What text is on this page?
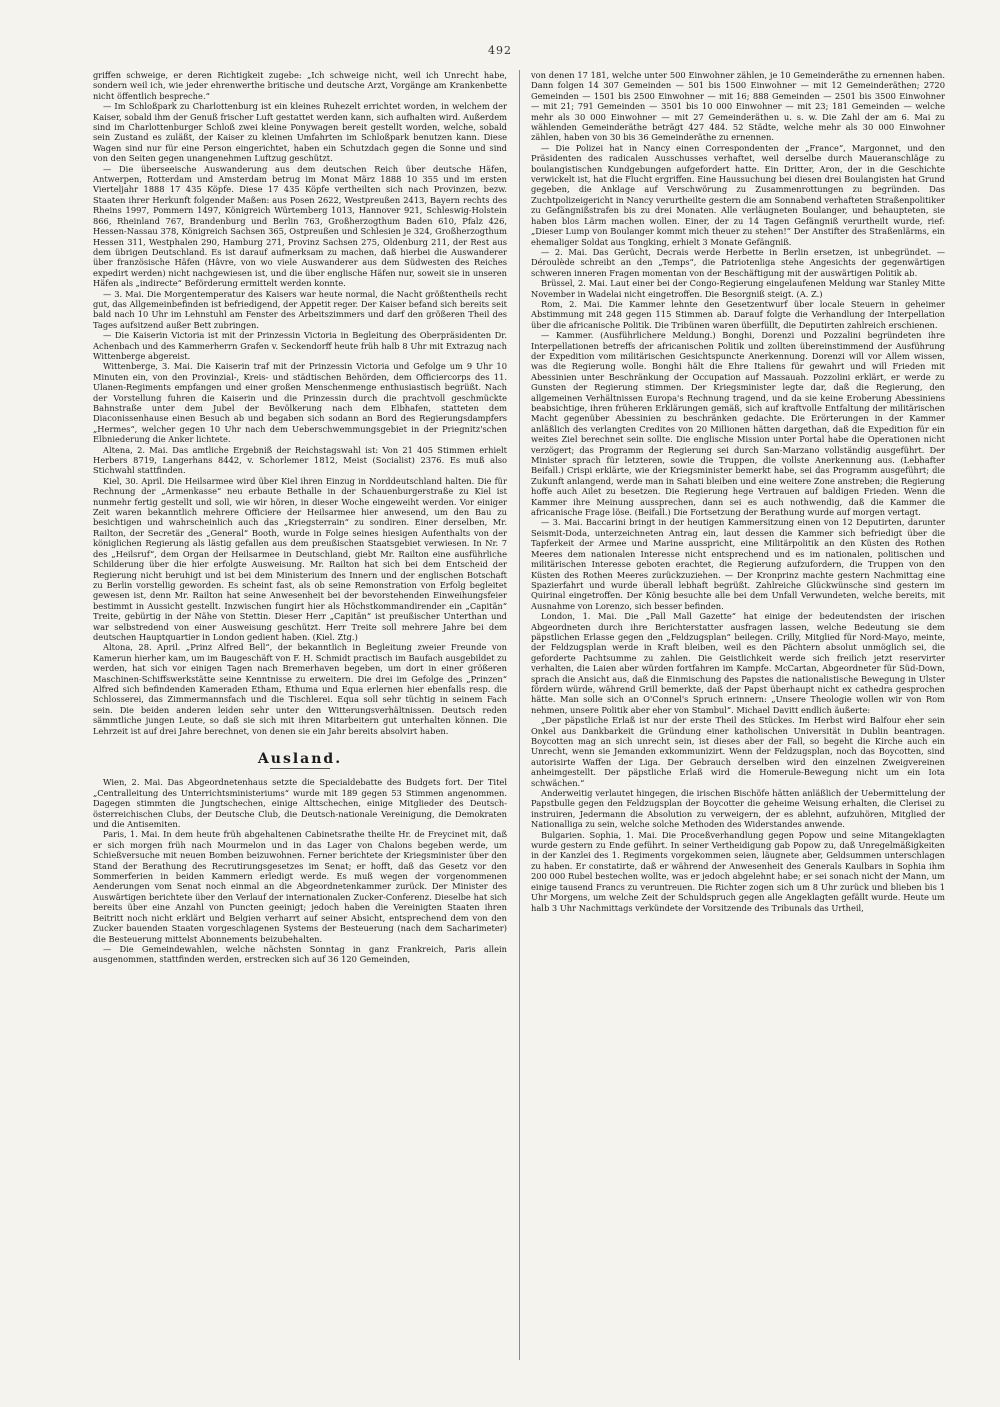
492

griffen schweige, er deren Richtigkeit zugebe: „Ich schweige nicht, weil ich Unrecht habe, sondern weil ich, wie jeder ehrenwerthe britische und deutsche Arzt, Vorgänge am Krankenbette nicht öffentlich bespreche.“

— Im Schloßpark zu Charlottenburg ist ein kleines Ruhezelt errichtet worden, in welchem der Kaiser, sobald ihm der Genuß frischer Luft gestattet werden kann, sich aufhalten wird. Außerdem sind im Charlottenburger Schloß zwei kleine Ponywagen bereit gestellt worden, welche, sobald sein Zustand es zuläßt, der Kaiser zu kleinen Umfahrten im Schloßpark benutzen kann. Diese Wagen sind nur für eine Person eingerichtet, haben ein Schutzdach gegen die Sonne und sind von den Seiten gegen unangenehmen Luftzug geschützt.

— Die überseeische Auswanderung aus dem deutschen Reich über deutsche Häfen, Antwerpen, Rotterdam und Amsterdam betrug im Monat März 1888 10 355 und im ersten Vierteljahr 1888 17 435 Köpfe. Diese 17 435 Köpfe vertheilten sich nach Provinzen, bezw. Staaten ihrer Herkunft folgender Maßen: aus Posen 2622, Westpreußen 2413, Bayern rechts des Rheins 1997, Pommern 1497, Königreich Würtemberg 1013, Hannover 921, Schleswig-Holstein 866, Rheinland 767, Brandenburg und Berlin 763, Großherzogthum Baden 610, Pfalz 426, Hessen-Nassau 378, Königreich Sachsen 365, Ostpreußen und Schlesien je 324, Großherzogthum Hessen 311, Westphalen 290, Hamburg 271, Provinz Sachsen 275, Oldenburg 211, der Rest aus dem übrigen Deutschland. Es ist darauf aufmerksam zu machen, daß hierbei die Auswanderer über französische Häfen (Hâvre, von wo viele Auswanderer aus dem Südwesten des Reiches expedirt werden) nicht nachgewiesen ist, und die über englische Häfen nur, soweit sie in unseren Häfen als „indirecte“ Beförderung ermittelt werden konnte.

— 3. Mai. Die Morgentemperatur des Kaisers war heute normal, die Nacht größtentheils recht gut, das Allgemeinbefinden ist befriedigend, der Appetit reger. Der Kaiser befand sich bereits seit bald nach 10 Uhr im Lehnstuhl am Fenster des Arbeitszimmers und darf den größeren Theil des Tages aufsitzend außer Bett zubringen.

— Die Kaiserin Victoria ist mit der Prinzessin Victoria in Begleitung des Oberpräsidenten Dr. Achenbach und des Kammerherrn Grafen v. Seckendorff heute früh halb 8 Uhr mit Extrazug nach Wittenberge abgereist.

Wittenberge, 3. Mai. Die Kaiserin traf mit der Prinzessin Victoria und Gefolge um 9 Uhr 10 Minuten ein, von den Provinzial-, Kreis- und städtischen Behörden, dem Officiercorps des 11. Ulanen-Regiments empfangen und einer großen Menschenmenge enthusiastisch begrüßt. Nach der Vorstellung fuhren die Kaiserin und die Prinzessin durch die prachtvoll geschmückte Bahnstraße unter dem Jubel der Bevölkerung nach dem Elbhafen, statteten dem Diaconissenhause einen Besuch ab und begaben sich sodann an Bord des Regierungsdampfers „Hermes“, welcher gegen 10 Uhr nach dem Ueberschwemmungsgebiet in der Priegnitz'schen Elbniederung die Anker lichtete.

Altena, 2. Mai. Das amtliche Ergebniß der Reichstagswahl ist: Von 21 405 Stimmen erhielt Herbers 8719, Langerhans 8442, v. Schorlemer 1812, Meist (Socialist) 2376. Es muß also Stichwahl stattfinden.

Kiel, 30. April. Die Heilsarmee wird über Kiel ihren Einzug in Norddeutschland halten. Die für Rechnung der „Armenkasse“ neu erbaute Bethalle in der Schauenburgerstraße zu Kiel ist nunmehr fertig gestellt und soll, wie wir hören, in dieser Woche eingeweiht werden. Vor einiger Zeit waren bekanntlich mehrere Officiere der Heilsarmee hier anwesend, um den Bau zu besichtigen und wahrscheinlich auch das „Kriegsterrain“ zu sondiren. Einer derselben, Mr. Railton, der Secretär des „General“ Booth, wurde in Folge seines hiesigen Aufenthalts von der königlichen Regierung als lästig gefallen aus dem preußischen Staatsgebiet verwiesen. In Nr. 7 des „Heilsruf“, dem Organ der Heilsarmee in Deutschland, giebt Mr. Railton eine ausführliche Schilderung über die hier erfolgte Ausweisung. Mr. Railton hat sich bei dem Entscheid der Regierung nicht beruhigt und ist bei dem Ministerium des Innern und der englischen Botschaft zu Berlin vorstellig geworden. Es scheint fast, als ob seine Remonstration von Erfolg begleitet gewesen ist, denn Mr. Railton hat seine Anwesenheit bei der bevorstehenden Einweihungsfeier bestimmt in Aussicht gestellt. Inzwischen fungirt hier als Höchstkommandirender ein „Capitän“ Treite, gebürtig in der Nähe von Stettin. Dieser Herr „Capitän“ ist preußischer Unterthan und war selbstredend von einer Ausweisung geschützt. Herr Treite soll mehrere Jahre bei dem deutschen Hauptquartier in London gedient haben. (Kiel. Ztg.)

Altona, 28. April. „Prinz Alfred Bell“, der bekanntlich in Begleitung zweier Freunde von Kamerun hierher kam, um im Baugeschäft von F. H. Schmidt practisch im Baufach ausgebildet zu werden, hat sich vor einigen Tagen nach Bremerhaven begeben, um dort in einer größeren Maschinen-Schiffswerkstätte seine Kenntnisse zu erweitern. Die drei im Gefolge des „Prinzen“ Alfred sich befindenden Kameraden Etham, Ethuma und Equa erlernen hier ebenfalls resp. die Schlosserei, das Zimmermannsfach und die Tischlerei. Equa soll sehr tüchtig in seinem Fach sein. Die beiden anderen leiden sehr unter den Witterungsverhältnissen. Deutsch reden sämmtliche jungen Leute, so daß sie sich mit ihren Mitarbeitern gut unterhalten können. Die Lehrzeit ist auf drei Jahre berechnet, von denen sie ein Jahr bereits absolvirt haben.

Ausland.

Wien, 2. Mai. Das Abgeordnetenhaus setzte die Specialdebatte des Budgets fort. Der Titel „Centralleitung des Unterrichtsministeriums“ wurde mit 189 gegen 53 Stimmen angenommen. Dagegen stimmten die Jungtschechen, einige Alttschechen, einige Mitglieder des Deutsch-österreichischen Clubs, der Deutsche Club, die Deutsch-nationale Vereinigung, die Demokraten und die Antisemiten.

Paris, 1. Mai. In dem heute früh abgehaltenen Cabinetsrathe theilte Hr. de Freycinet mit, daß er sich morgen früh nach Mourmelon und in das Lager von Chalons begeben werde, um Schießversuche mit neuen Bomben beizuwohnen. Ferner berichtete der Kriegsminister über den Stand der Berathung des Recrutirungsgesetzes im Senat; er hofft, daß das Gesetz vor den Sommerferien in beiden Kammern erledigt werde. Es muß wegen der vorgenommenen Aenderungen vom Senat noch einmal an die Abgeordnetenkammer zurück. Der Minister des Auswärtigen berichtete über den Verlauf der internationalen Zucker-Conferenz. Dieselbe hat sich bereits über eine Anzahl von Puncten geeinigt; jedoch haben die Vereinigten Staaten ihren Beitritt noch nicht erklärt und Belgien verharrt auf seiner Absicht, entsprechend dem von den Zucker bauenden Staaten vorgeschlagenen Systems der Besteuerung (nach dem Sacharimeter) die Besteuerung mittelst Abonnements beizubehalten.

— Die Gemeindewahlen, welche nächsten Sonntag in ganz Frankreich, Paris allein ausgenommen, stattfinden werden, erstrecken sich auf 36 120 Gemeinden,

von denen 17 181, welche unter 500 Einwohner zählen, je 10 Gemeinderäthe zu ernennen haben. Dann folgen 14 307 Gemeinden — 501 bis 1500 Einwohner — mit 12 Gemeinderäthen; 2720 Gemeinden — 1501 bis 2500 Einwohner — mit 16; 888 Gemeinden — 2501 bis 3500 Einwohner — mit 21; 791 Gemeinden — 3501 bis 10 000 Einwohner — mit 23; 181 Gemeinden — welche mehr als 30 000 Einwohner — mit 27 Gemeinderäthen u. s. w. Die Zahl der am 6. Mai zu wählenden Gemeinderäthe beträgt 427 484. 52 Städte, welche mehr als 30 000 Einwohner zählen, haben von 30 bis 36 Gemeinderäthe zu ernennen.

— Die Polizei hat in Nancy einen Correspondenten der „France“, Margonnet, und den Präsidenten des radicalen Ausschusses verhaftet, weil derselbe durch Maueranschläge zu boulangistischen Kundgebungen aufgefordert hatte. Ein Dritter, Aron, der in die Geschichte verwickelt ist, hat die Flucht ergriffen. Eine Haussuchung bei diesen drei Boulangisten hat Grund gegeben, die Anklage auf Verschwörung zu Zusammenrottungen zu begründen. Das Zuchtpolizeigericht in Nancy verurtheilte gestern die am Sonnabend verhafteten Straßenpolitiker zu Gefängnißstrafen bis zu drei Monaten. Alle verläugneten Boulanger, und behaupteten, sie haben blos Lärm machen wollen. Einer, der zu 14 Tagen Gefängniß verurtheilt wurde, rief: „Dieser Lump von Boulanger kommt mich theuer zu stehen!“ Der Anstifter des Straßenlärms, ein ehemaliger Soldat aus Tongking, erhielt 3 Monate Gefängniß.

— 2. Mai. Das Gerücht, Decrais werde Herbette in Berlin ersetzen, ist unbegründet. — Déroulède schreibt an den „Temps“, die Patriotenliga stehe Angesichts der gegenwärtigen schweren inneren Fragen momentan von der Beschäftigung mit der auswärtigen Politik ab.

Brüssel, 2. Mai. Laut einer bei der Congo-Regierung eingelaufenen Meldung war Stanley Mitte November in Wadelai nicht eingetroffen. Die Besorgniß steigt. (A. Z.)

Rom, 2. Mai. Die Kammer lehnte den Gesetzentwurf über locale Steuern in geheimer Abstimmung mit 248 gegen 115 Stimmen ab. Darauf folgte die Verhandlung der Interpellation über die africanische Politik. Die Tribünen waren überfüllt, die Deputirten zahlreich erschienen.

— Kammer. (Ausführlichere Meldung.) Bonghi, Dorenzi und Pozzalini begründeten ihre Interpellationen betreffs der africanischen Politik und zollten übereinstimmend der Ausführung der Expedition vom militärischen Gesichtspuncte Anerkennung. Dorenzi will vor Allem wissen, was die Regierung wolle. Bonghi hält die Ehre Italiens für gewahrt und will Frieden mit Abessinien unter Beschränkung der Occupation auf Massauah. Pozzolini erklärt, er werde zu Gunsten der Regierung stimmen. Der Kriegsminister legte dar, daß die Regierung, den allgemeinen Verhältnissen Europa's Rechnung tragend, und da sie keine Eroberung Abessiniens beabsichtige, ihren früheren Erklärungen gemäß, sich auf kraftvolle Entfaltung der militärischen Macht gegenüber Abessinien zu beschränken gedachte. Die Erörterungen in der Kammer anläßlich des verlangten Credites von 20 Millionen hätten dargethan, daß die Expedition für ein weites Ziel berechnet sein sollte. Die englische Mission unter Portal habe die Operationen nicht verzögert; das Programm der Regierung sei durch San-Marzano vollständig ausgeführt. Der Minister sprach für letzteren, sowie die Truppen, die vollste Anerkennung aus. (Lebhafter Beifall.) Crispi erklärte, wie der Kriegsminister bemerkt habe, sei das Programm ausgeführt; die Zukunft anlangend, werde man in Sahati bleiben und eine weitere Zone anstreben; die Regierung hoffe auch Ailet zu besetzen. Die Regierung hege Vertrauen auf baldigen Frieden. Wenn die Kammer ihre Meinung aussprechen, dann sei es auch nothwendig, daß die Kammer die africanische Frage löse. (Beifall.) Die Fortsetzung der Berathung wurde auf morgen vertagt.

— 3. Mai. Baccarini bringt in der heutigen Kammersitzung einen von 12 Deputirten, darunter Seismit-Doda, unterzeichneten Antrag ein, laut dessen die Kammer sich befriedigt über die Tapferkeit der Armee und Marine ausspricht, eine Militärpolitik an den Küsten des Rothen Meeres dem nationalen Interesse nicht entsprechend und es im nationalen, politischen und militärischen Interesse geboten erachtet, die Regierung aufzufordern, die Truppen von den Küsten des Rothen Meeres zurückzuziehen. — Der Kronprinz machte gestern Nachmittag eine Spazierfahrt und wurde überall lebhaft begrüßt. Zahlreiche Glückwünsche sind gestern im Quirinal eingetroffen. Der König besuchte alle bei dem Unfall Verwundeten, welche bereits, mit Ausnahme von Lorenzo, sich besser befinden.

London, 1. Mai. Die „Pall Mall Gazette“ hat einige der bedeutendsten der irischen Abgeordneten durch ihre Berichterstatter ausfragen lassen, welche Bedeutung sie dem päpstlichen Erlasse gegen den „Feldzugsplan“ beilegen. Crilly, Mitglied für Nord-Mayo, meinte, der Feldzugsplan werde in Kraft bleiben, weil es den Pächtern absolut unmöglich sei, die geforderte Pachtsumme zu zahlen. Die Geistlichkeit werde sich freilich jetzt reservirter verhalten, die Laien aber würden fortfahren im Kampfe. McCartan, Abgeordneter für Süd-Down, sprach die Ansicht aus, daß die Einmischung des Papstes die nationalistische Bewegung in Ulster fördern würde, während Grill bemerkte, daß der Papst überhaupt nicht ex cathedra gesprochen hätte. Man solle sich an O'Connel's Spruch erinnern: „Unsere Theologie wollen wir von Rom nehmen, unsere Politik aber eher von Stambul“. Michael Davitt endlich äußerte:

„Der päpstliche Erlaß ist nur der erste Theil des Stückes. Im Herbst wird Balfour eher sein Onkel aus Dankbarkeit die Gründung einer katholischen Universität in Dublin beantragen. Boycotten mag an sich unrecht sein, ist dieses aber der Fall, so begeht die Kirche auch ein Unrecht, wenn sie Jemanden exkommunizirt. Wenn der Feldzugsplan, noch das Boycotten, sind autorisirte Waffen der Liga. Der Gebrauch derselben wird den einzelnen Zweigvereinen anheimgestellt. Der päpstliche Erlaß wird die Homerule-Bewegung nicht um ein Iota schwächen.“

Anderweitig verlautet hingegen, die irischen Bischöfe hätten anläßlich der Uebermittelung der Papstbulle gegen den Feldzugsplan der Boycotter die geheime Weisung erhalten, die Clerisei zu instruiren, Jedermann die Absolution zu verweigern, der es ablehnt, aufzuhören, Mitglied der Nationalliga zu sein, welche solche Methoden des Widerstandes anwende.

Bulgarien. Sophia, 1. Mai. Die Proceßverhandlung gegen Popow und seine Mitangeklagten wurde gestern zu Ende geführt. In seiner Vertheidigung gab Popow zu, daß Unregelmäßigkeiten in der Kanzlei des 1. Regiments vorgekommen seien, läugnete aber, Geldsummen unterschlagen zu haben. Er constatirte, daß er während der Anwesenheit des Generals Kaulbars in Sophia ihm 200 000 Rubel bestechen wollte, was er jedoch abgelehnt habe; er sei sonach nicht der Mann, um einige tausend Francs zu veruntreuen. Die Richter zogen sich um 8 Uhr zurück und blieben bis 1 Uhr Morgens, um welche Zeit der Schuldspruch gegen alle Angeklagten gefällt wurde. Heute um halb 3 Uhr Nachmittags verkündete der Vorsitzende des Tribunals das Urtheil,
